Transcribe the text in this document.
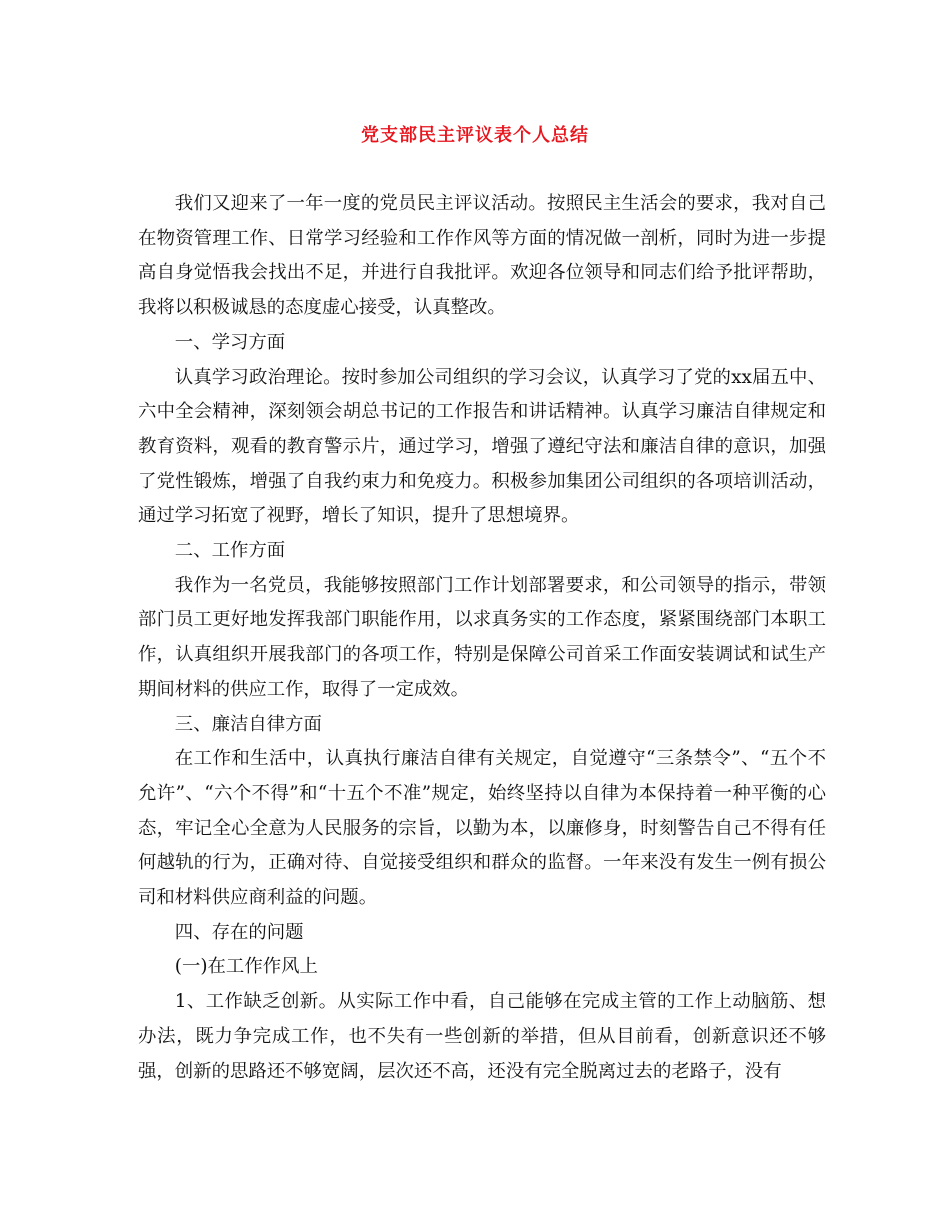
党支部民主评议表个人总结

我们又迎来了一年一度的党员民主评议活动。按照民主生活会的要求，我对自己在物资管理工作、日常学习经验和工作作风等方面的情况做一剖析，同时为进一步提高自身觉悟我会找出不足，并进行自我批评。欢迎各位领导和同志们给予批评帮助，我将以积极诚恳的态度虚心接受，认真整改。

一、学习方面

认真学习政治理论。按时参加公司组织的学习会议，认真学习了党的xx届五中、六中全会精神，深刻领会胡总书记的工作报告和讲话精神。认真学习廉洁自律规定和教育资料，观看的教育警示片，通过学习，增强了遵纪守法和廉洁自律的意识，加强了党性锻炼，增强了自我约束力和免疫力。积极参加集团公司组织的各项培训活动，通过学习拓宽了视野，增长了知识，提升了思想境界。

二、工作方面

我作为一名党员，我能够按照部门工作计划部署要求，和公司领导的指示，带领部门员工更好地发挥我部门职能作用，以求真务实的工作态度，紧紧围绕部门本职工作，认真组织开展我部门的各项工作，特别是保障公司首采工作面安装调试和试生产期间材料的供应工作，取得了一定成效。

三、廉洁自律方面

在工作和生活中，认真执行廉洁自律有关规定，自觉遵守“三条禁令”、“五个不允许”、“六个不得”和“十五个不准”规定，始终坚持以自律为本保持着一种平衡的心态，牢记全心全意为人民服务的宗旨，以勤为本，以廉修身，时刻警告自己不得有任何越轨的行为，正确对待、自觉接受组织和群众的监督。一年来没有发生一例有损公司和材料供应商利益的问题。

四、存在的问题

(一)在工作作风上

1、工作缺乏创新。从实际工作中看，自己能够在完成主管的工作上动脑筋、想办法，既力争完成工作，也不失有一些创新的举措，但从目前看，创新意识还不够强，创新的思路还不够宽阔，层次还不高，还没有完全脱离过去的老路子，没有
